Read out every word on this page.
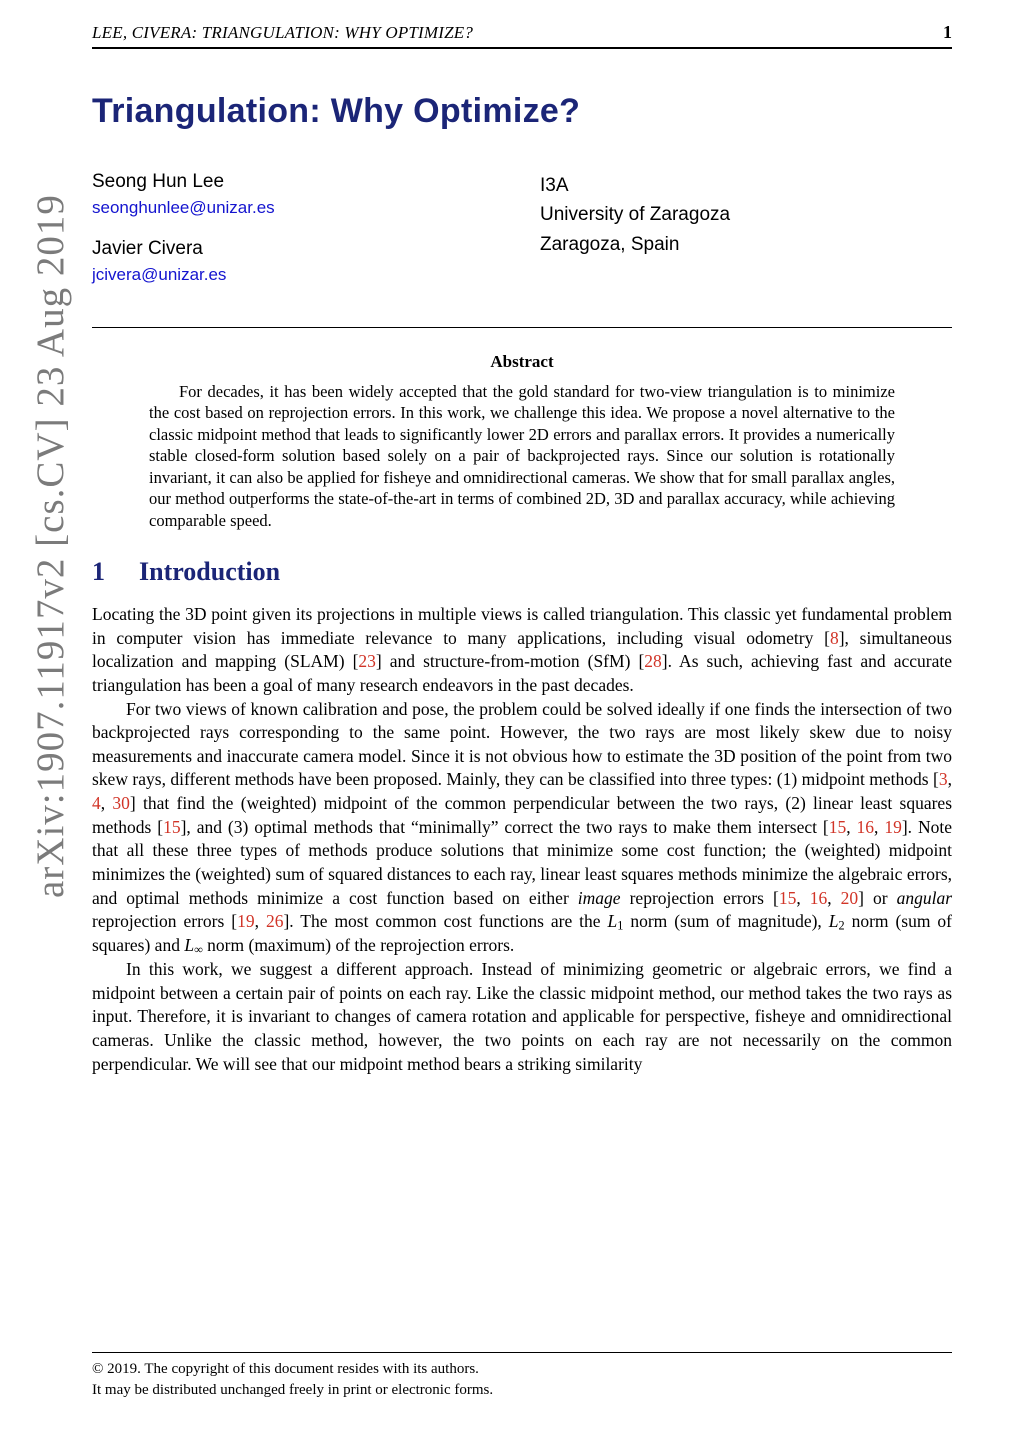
LEE, CIVERA: TRIANGULATION: WHY OPTIMIZE?	1
arXiv:1907.11917v2 [cs.CV] 23 Aug 2019
Triangulation: Why Optimize?
Seong Hun Lee
seonghunlee@unizar.es
Javier Civera
jcivera@unizar.es
I3A
University of Zaragoza
Zaragoza, Spain
Abstract

For decades, it has been widely accepted that the gold standard for two-view triangulation is to minimize the cost based on reprojection errors. In this work, we challenge this idea. We propose a novel alternative to the classic midpoint method that leads to significantly lower 2D errors and parallax errors. It provides a numerically stable closed-form solution based solely on a pair of backprojected rays. Since our solution is rotationally invariant, it can also be applied for fisheye and omnidirectional cameras. We show that for small parallax angles, our method outperforms the state-of-the-art in terms of combined 2D, 3D and parallax accuracy, while achieving comparable speed.

1 Introduction

Locating the 3D point given its projections in multiple views is called triangulation. This classic yet fundamental problem in computer vision has immediate relevance to many applications, including visual odometry [8], simultaneous localization and mapping (SLAM) [23] and structure-from-motion (SfM) [28]. As such, achieving fast and accurate triangulation has been a goal of many research endeavors in the past decades.

For two views of known calibration and pose, the problem could be solved ideally if one finds the intersection of two backprojected rays corresponding to the same point. However, the two rays are most likely skew due to noisy measurements and inaccurate camera model. Since it is not obvious how to estimate the 3D position of the point from two skew rays, different methods have been proposed. Mainly, they can be classified into three types: (1) midpoint methods [3, 4, 30] that find the (weighted) midpoint of the common perpendicular between the two rays, (2) linear least squares methods [15], and (3) optimal methods that “minimally” correct the two rays to make them intersect [15, 16, 19]. Note that all these three types of methods produce solutions that minimize some cost function; the (weighted) midpoint minimizes the (weighted) sum of squared distances to each ray, linear least squares methods minimize the algebraic errors, and optimal methods minimize a cost function based on either image reprojection errors [15, 16, 20] or angular reprojection errors [19, 26]. The most common cost functions are the L1 norm (sum of magnitude), L2 norm (sum of squares) and L∞ norm (maximum) of the reprojection errors.

In this work, we suggest a different approach. Instead of minimizing geometric or algebraic errors, we find a midpoint between a certain pair of points on each ray. Like the classic midpoint method, our method takes the two rays as input. Therefore, it is invariant to changes of camera rotation and applicable for perspective, fisheye and omnidirectional cameras. Unlike the classic method, however, the two points on each ray are not necessarily on the common perpendicular. We will see that our midpoint method bears a striking similarity

© 2019. The copyright of this document resides with its authors.
It may be distributed unchanged freely in print or electronic forms.
